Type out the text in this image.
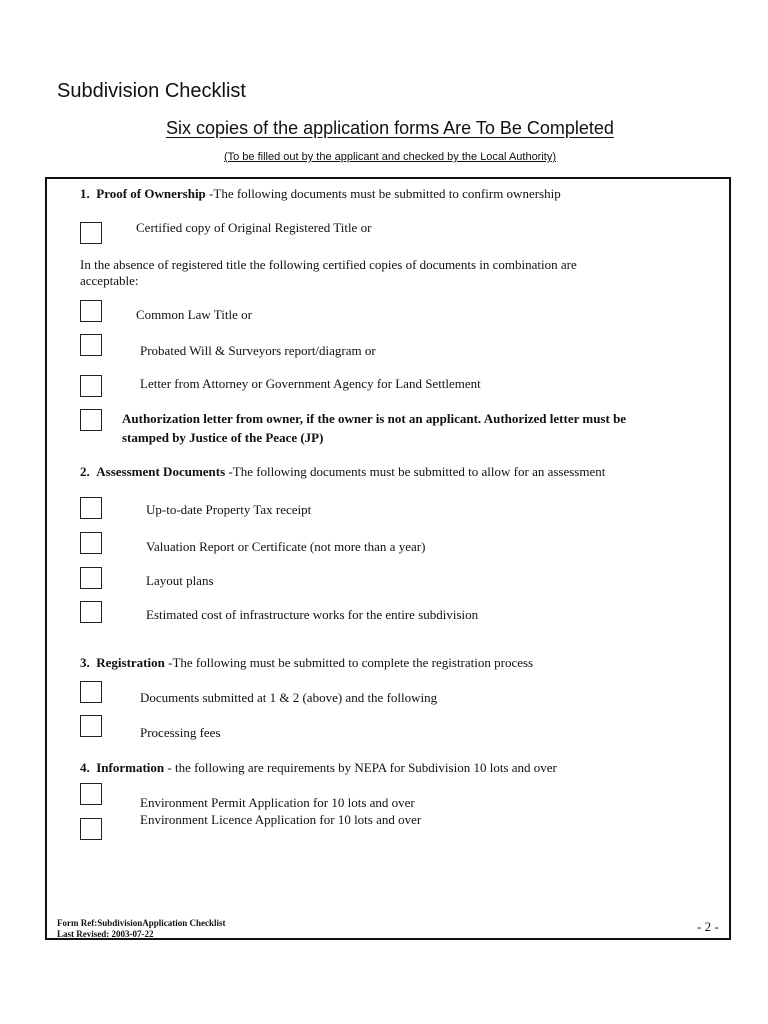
Subdivision Checklist
Six copies of the application forms Are To Be Completed
(To be filled out by the applicant and checked by the Local Authority)
1. Proof of Ownership -The following documents must be submitted to confirm ownership
Certified copy of Original Registered Title or
In the absence of registered title the following certified copies of documents in combination are
acceptable:
Common Law Title or
Probated Will & Surveyors report/diagram or
Letter from Attorney or Government Agency for Land Settlement
Authorization letter from owner, if the owner is not an applicant. Authorized letter must be
stamped by Justice of the Peace (JP)
2. Assessment Documents -The following documents must be submitted to allow for an assessment
Up-to-date Property Tax receipt
Valuation Report or Certificate (not more than a year)
Layout plans
Estimated cost of infrastructure works for the entire subdivision
3. Registration -The following must be submitted to complete the registration process
Documents submitted at 1 & 2 (above) and the following
Processing fees
4. Information - the following are requirements by NEPA for Subdivision 10 lots and over
Environment Permit Application for 10 lots and over
Environment Licence Application for 10 lots and over
Form Ref:SubdivisionApplication Checklist
Last Revised: 2003-07-22	- 2 -
